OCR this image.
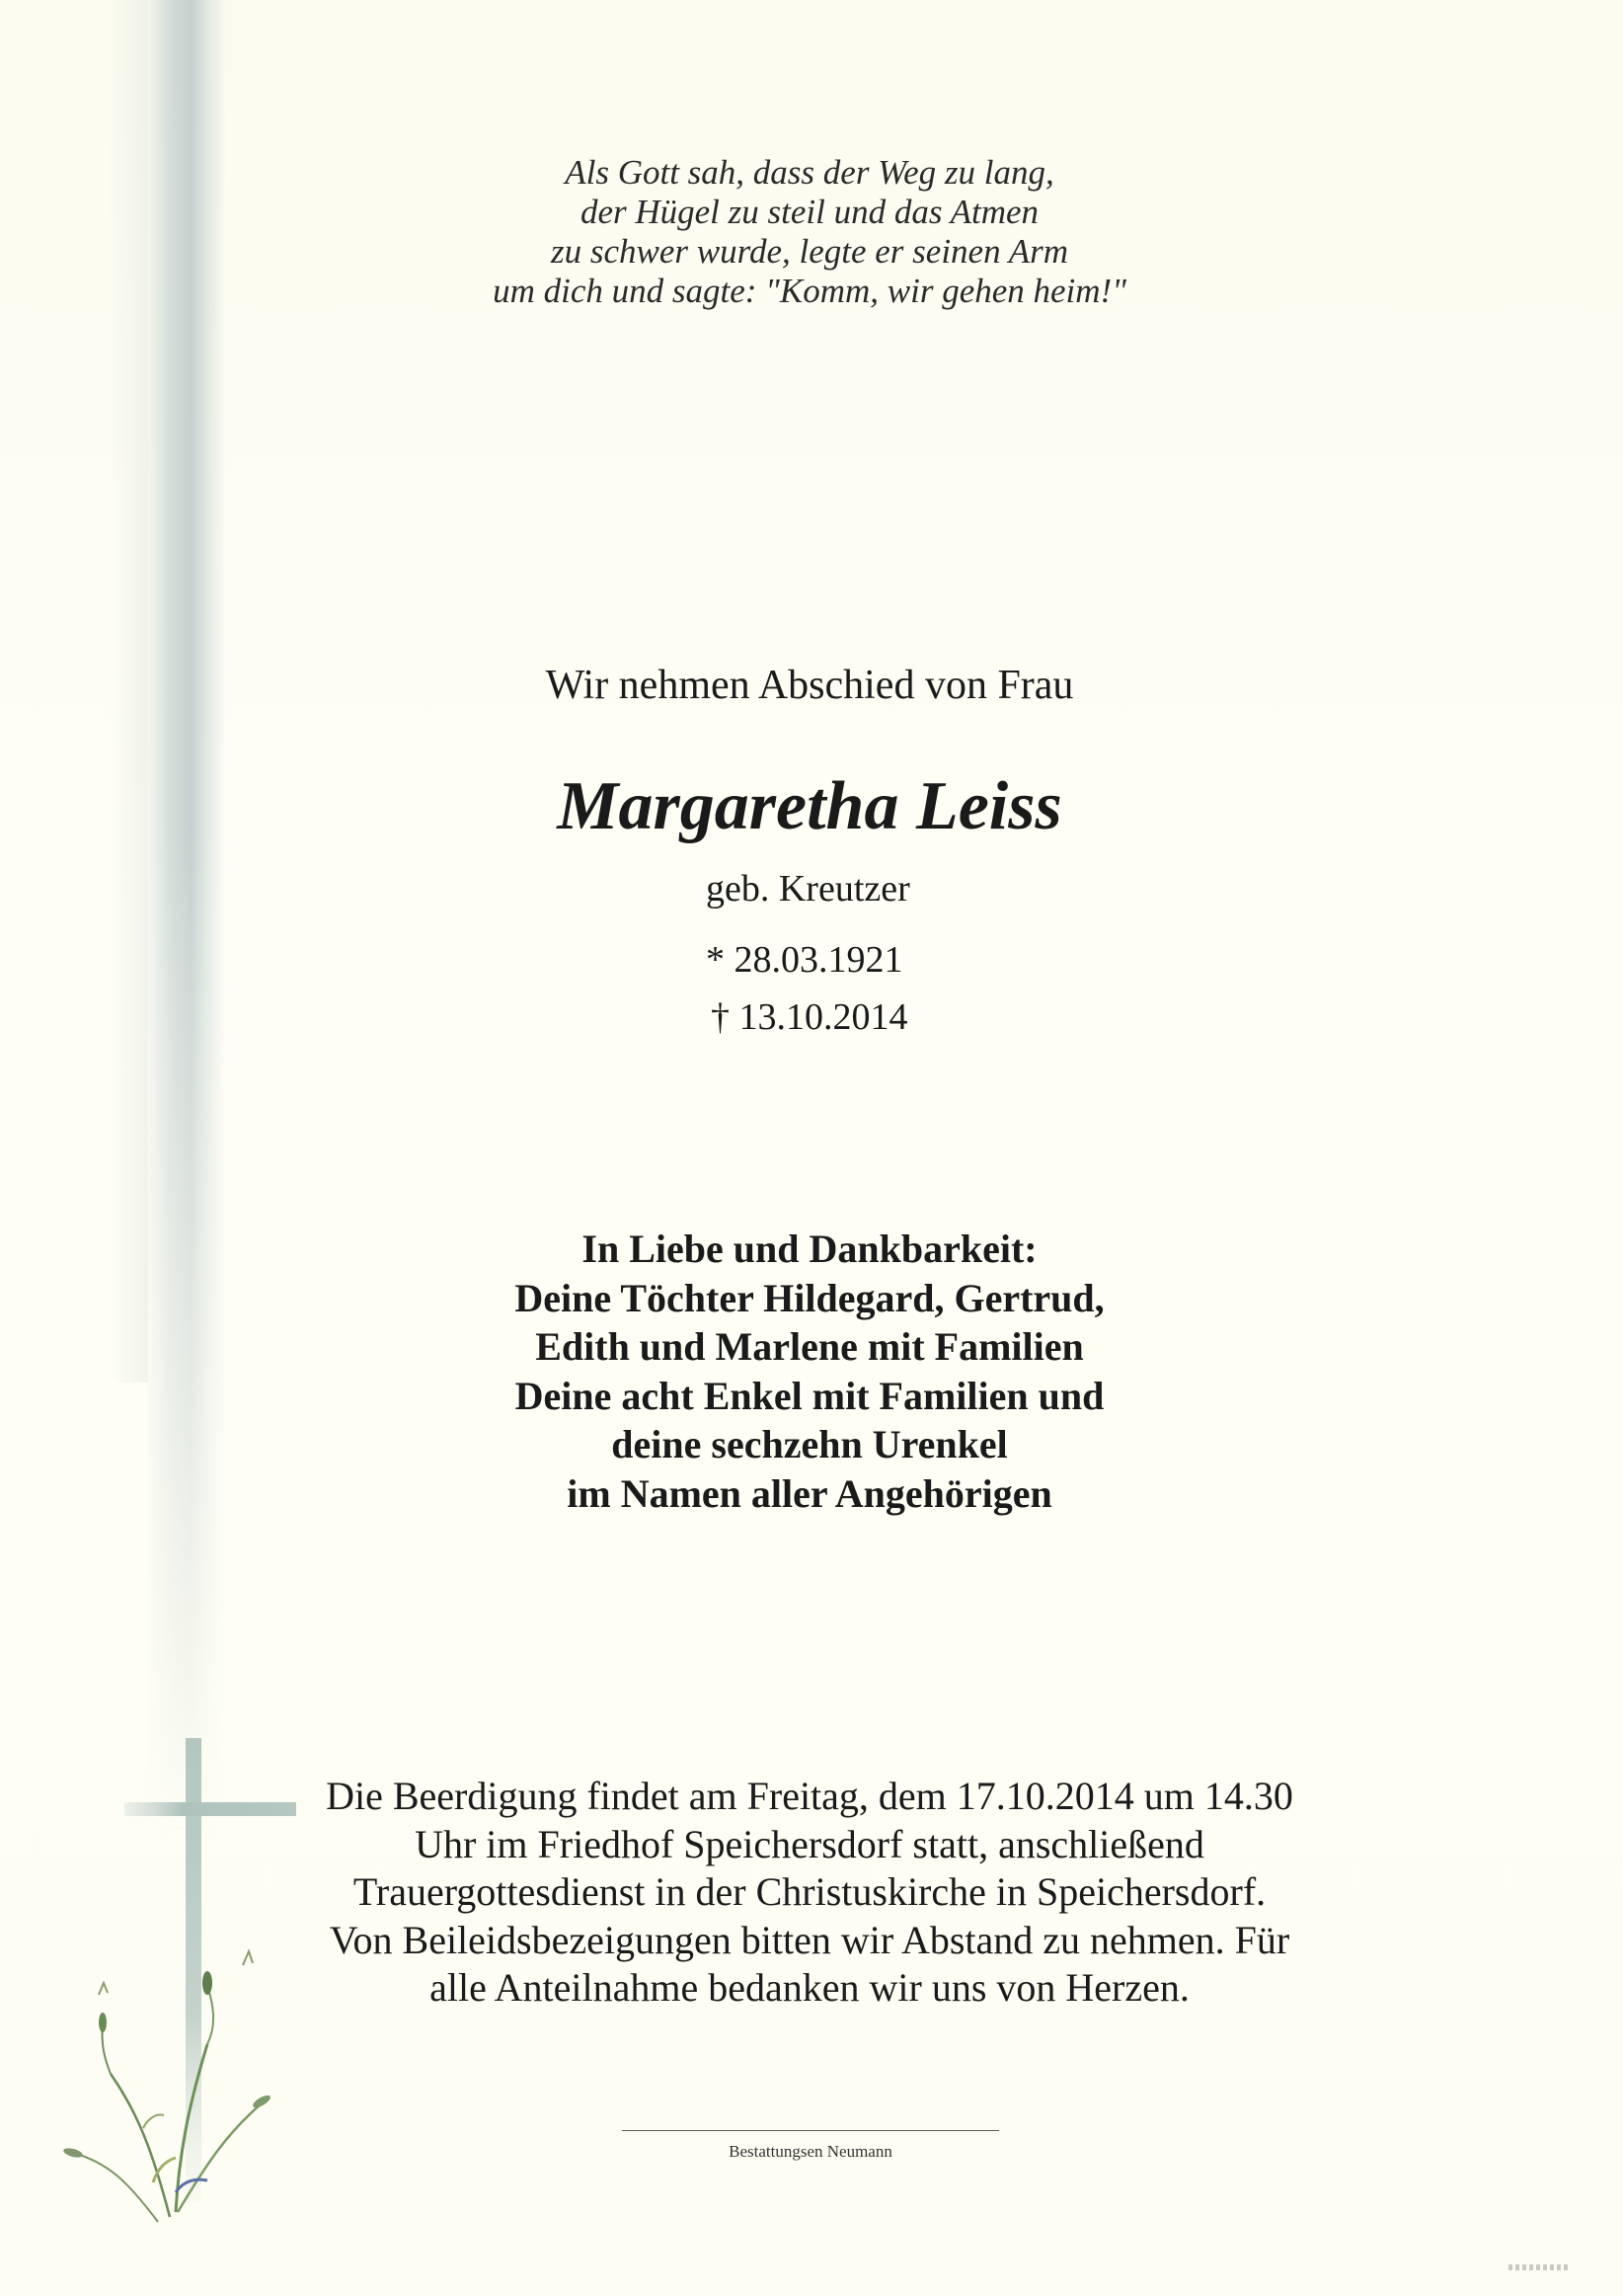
Als Gott sah, dass der Weg zu lang,
der Hügel zu steil und das Atmen
zu schwer wurde, legte er seinen Arm
um dich und sagte: "Komm, wir gehen heim!"
Wir nehmen Abschied von Frau
Margaretha Leiss
geb. Kreutzer
* 28.03.1921
† 13.10.2014
In Liebe und Dankbarkeit:
Deine Töchter Hildegard, Gertrud,
Edith und Marlene mit Familien
Deine acht Enkel mit Familien und
deine sechzehn Urenkel
im Namen aller Angehörigen
Die Beerdigung findet am Freitag, dem 17.10.2014 um 14.30
Uhr im Friedhof Speichersdorf statt, anschließend
Trauergottesdienst in der Christuskirche in Speichersdorf.
Von Beileidsbezeigungen bitten wir Abstand zu nehmen. Für
alle Anteilnahme bedanken wir uns von Herzen.
Bestattungsen Neumann
